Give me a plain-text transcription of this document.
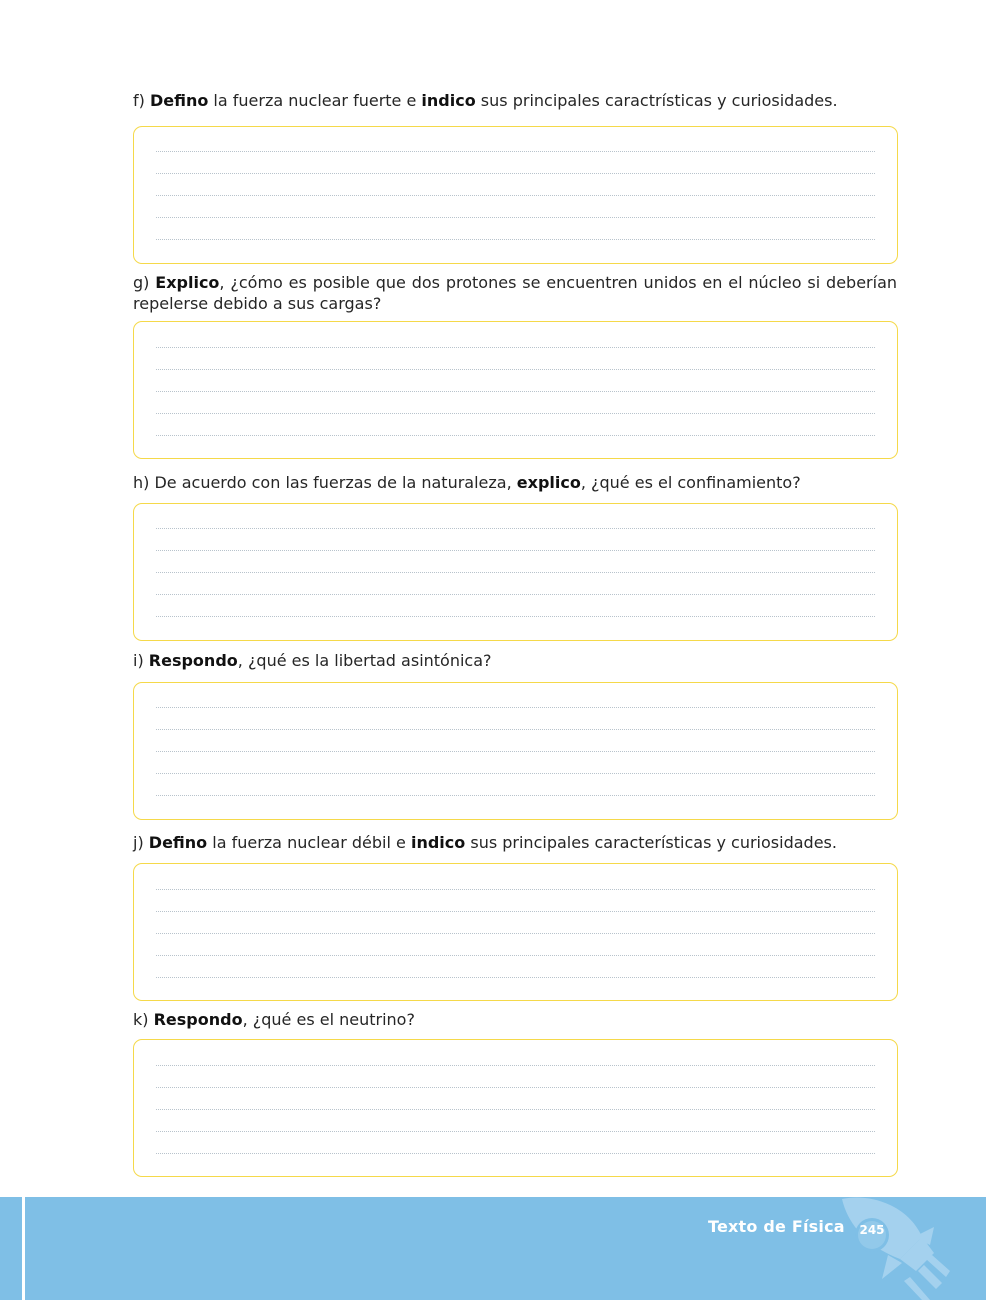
f) Defino la fuerza nuclear fuerte e indico sus principales caractrísticas y curiosidades.
g) Explico, ¿cómo es posible que dos protones se encuentren unidos en el núcleo si deberían repelerse debido a sus cargas?
h) De acuerdo con las fuerzas de la naturaleza, explico, ¿qué es el confinamiento?
i) Respondo, ¿qué es la libertad asintónica?
j) Defino la fuerza nuclear débil e indico sus principales características y curiosidades.
k) Respondo, ¿qué es el neutrino?
Texto de Física	245
